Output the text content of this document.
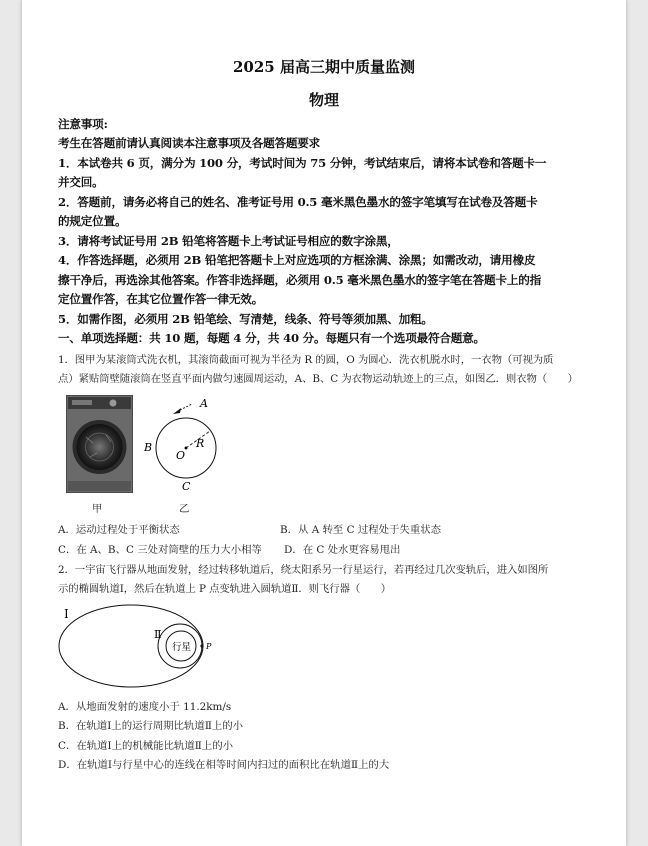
2025 届高三期中质量监测
物理
注意事项:
考生在答题前请认真阅读本注意事项及各题答题要求
1．本试卷共 6 页，满分为 100 分，考试时间为 75 分钟，考试结束后，请将本试卷和答题卡一
并交回。
2．答题前，请务必将自己的姓名、准考证号用 0.5 毫米黑色墨水的签字笔填写在试卷及答题卡
的规定位置。
3．请将考试证号用 2B 铅笔将答题卡上考试证号相应的数字涂黑，
4．作答选择题，必须用 2B 铅笔把答题卡上对应选项的方框涂满、涂黑；如需改动，请用橡皮
擦干净后，再选涂其他答案。作答非选择题，必须用 0.5 毫米黑色墨水的签字笔在答题卡上的指
定位置作答，在其它位置作答一律无效。
5．如需作图，必须用 2B 铅笔绘、写清楚，线条、符号等须加黑、加粗。
一、单项选择题：共 10 题，每题 4 分，共 40 分。每题只有一个选项最符合题意。
1．图甲为某滚筒式洗衣机，其滚筒截面可视为半径为 R 的圆，O 为圆心．洗衣机脱水时，一衣物（可视为质
点）紧贴筒壁随滚筒在竖直平面内做匀速圆周运动，A、B、C 为衣物运动轨迹上的三点，如图乙．则衣物（　　）
甲
A
B
C
O
R
乙
A．运动过程处于平衡状态	B．从 A 转至 C 过程处于失重状态
C．在 A、B、C 三处对筒壁的压力大小相等 D．在 C 处水更容易甩出
2．一宇宙飞行器从地面发射，经过转移轨道后，绕太阳系另一行星运行，若再经过几次变轨后，进入如图所
示的椭圆轨道Ⅰ，然后在轨道上 P 点变轨进入圆轨道Ⅱ．则飞行器（　　）
Ⅰ
Ⅱ
行星 P
A．从地面发射的速度小于 11.2km/s
B．在轨道Ⅰ上的运行周期比轨道Ⅱ上的小
C．在轨道Ⅰ上的机械能比轨道Ⅱ上的小
D．在轨道Ⅰ与行星中心的连线在相等时间内扫过的面积比在轨道Ⅱ上的大
